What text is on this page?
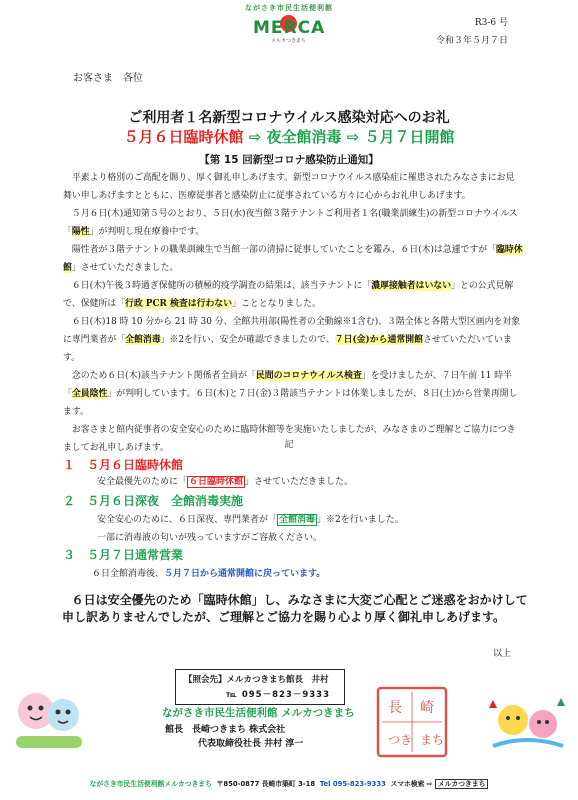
ながさき市民生活便利館
MERCA
メルカつきまち
R3-6 号
令和３年５月７日
お客さま　各位
ご利用者１名新型コロナウイルス感染対応へのお礼
５月６日臨時休館 ⇨ 夜全館消毒 ⇨ ５月７日開館
【第 15 回新型コロナ感染防止通知】

平素より格別のご高配を賜り、厚く御礼申しあげます。新型コロナウイルス感染症に罹患されたみなさまにお見舞い申しあげますとともに、医療従事者と感染防止に従事されている方々に心からお礼申しあげます。

５月６日(木)通知第５号のとおり、５日(水)夜当館３階テナントご利用者１名(職業訓練生)の新型コロナウイルス「陽性」が判明し現在療養中です。

陽性者が３階テナントの職業訓練生で当館一部の清掃に従事していたことを鑑み、６日(木)は急遽ですが「臨時休館」させていただきました。

６日(木)午後３時過ぎ保健所の積極的疫学調査の結果は、該当テナントに「濃厚接触者はいない」との公式見解で、保健所は「行政 PCR 検査は行わない」こととなりました。

６日(木)18 時 10 分から 21 時 30 分、全館共用部(陽性者の全動線※1含む)、３階全体と各階大型区画内を対象に専門業者が「全館消毒」※2を行い、安全が確認できましたので、７日(金)から通常開館させていただいています。

念のため６日(木)該当テナント関係者全員が「民間のコロナウイルス検査」を受けましたが、７日午前 11 時半「全員陰性」が判明しています。６日(木)と７日(金)３階該当テナントは休業しましたが、８日(土)から営業再開します。

お客さまと館内従事者の安全安心のために臨時休館等を実施いたしましたが、みなさまのご理解とご協力につきましてお礼申しあげます。	記
１　５月６日臨時休館
安全最優先のために「 ６日臨時休館 」させていただきました。
２　５月６日深夜　全館消毒実施
安全安心のために、６日深夜、専門業者が「 全館消毒 」※2を行いました。
一部に消毒液の匂いが残っていますがご容赦ください。
３　５月７日通常営業
６日全館消毒後、５月７日から通常開館に戻っています。

６日は安全優先のため「臨時休館」し、みなさまに大変ご心配とご迷惑をおかけして申し訳ありませんでしたが、ご理解とご協力を賜り心より厚く御礼申しあげます。

以上
【照会先】メルカつきまち館長　井村
℡ 095－823－9333
ながさき市民生活便利館 メルカつきまち
館長　長崎つきまち 株式会社
代表取締役社長 井村 淳一
長 崎
つき まち
ながさき市民生活便利館メルカつきまち 〒850-0877 長崎市築町 3-18 Tel 095-823-9333 スマホ検索 ⇨ メルカつきまち
